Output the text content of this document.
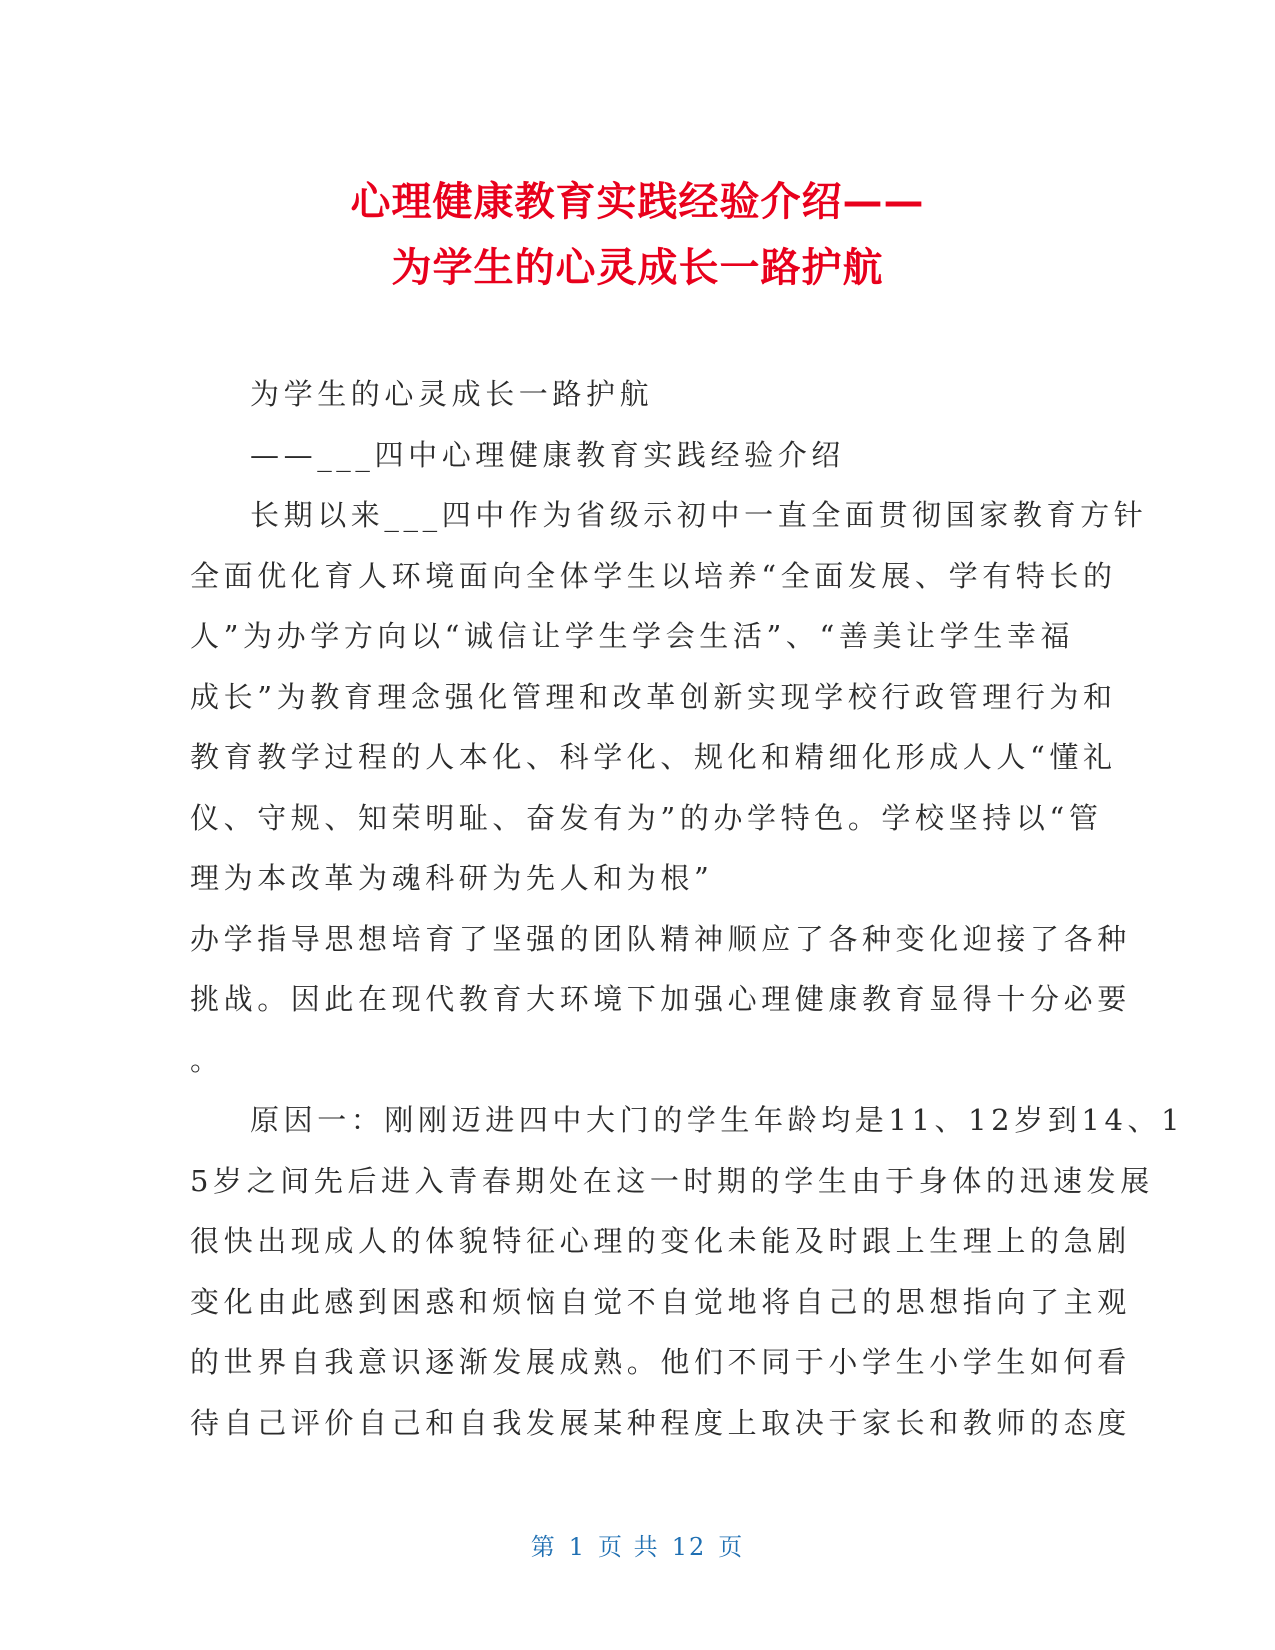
心理健康教育实践经验介绍——
为学生的心灵成长一路护航
为学生的心灵成长一路护航
——___四中心理健康教育实践经验介绍
长期以来___四中作为省级示初中一直全面贯彻国家教育方针
全面优化育人环境面向全体学生以培养“全面发展、学有特长的
人”为办学方向以“诚信让学生学会生活”、“善美让学生幸福
成长”为教育理念强化管理和改革创新实现学校行政管理行为和
教育教学过程的人本化、科学化、规化和精细化形成人人“懂礼
仪、守规、知荣明耻、奋发有为”的办学特色。学校坚持以“管
理为本改革为魂科研为先人和为根”
办学指导思想培育了坚强的团队精神顺应了各种变化迎接了各种
挑战。因此在现代教育大环境下加强心理健康教育显得十分必要
。
原因一：刚刚迈进四中大门的学生年龄均是11、12岁到14、1
5岁之间先后进入青春期处在这一时期的学生由于身体的迅速发展
很快出现成人的体貌特征心理的变化未能及时跟上生理上的急剧
变化由此感到困惑和烦恼自觉不自觉地将自己的思想指向了主观
的世界自我意识逐渐发展成熟。他们不同于小学生小学生如何看
待自己评价自己和自我发展某种程度上取决于家长和教师的态度
第 1 页 共 12 页
